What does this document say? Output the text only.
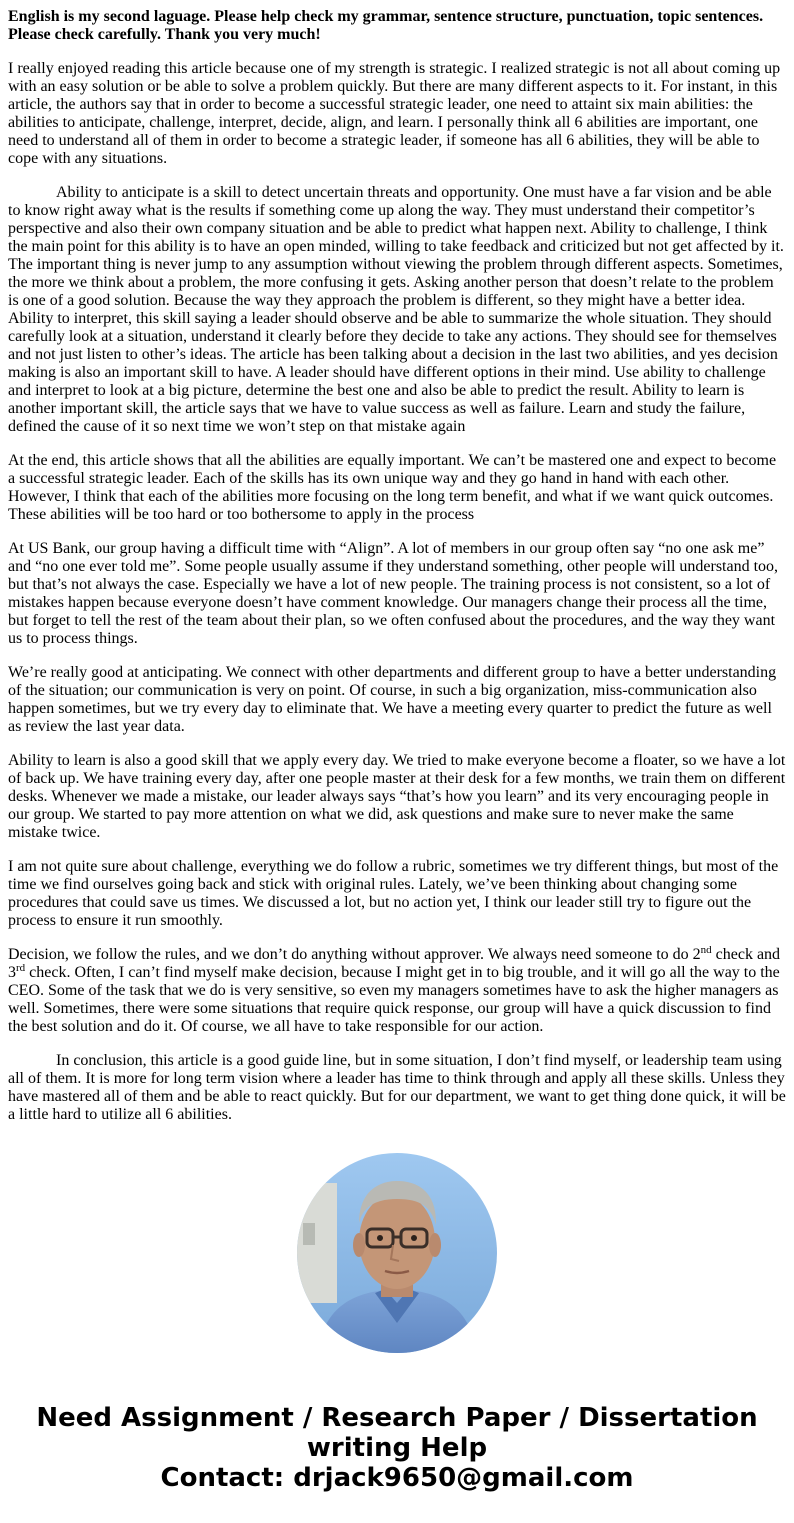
English is my second laguage. Please help check my grammar, sentence structure, punctuation, topic sentences. Please check carefully. Thank you very much!

I really enjoyed reading this article because one of my strength is strategic. I realized strategic is not all about coming up with an easy solution or be able to solve a problem quickly. But there are many different aspects to it. For instant, in this article, the authors say that in order to become a successful strategic leader, one need to attaint six main abilities: the abilities to anticipate, challenge, interpret, decide, align, and learn. I personally think all 6 abilities are important, one need to understand all of them in order to become a strategic leader, if someone has all 6 abilities, they will be able to cope with any situations.

Ability to anticipate is a skill to detect uncertain threats and opportunity. One must have a far vision and be able to know right away what is the results if something come up along the way. They must understand their competitor’s perspective and also their own company situation and be able to predict what happen next. Ability to challenge, I think the main point for this ability is to have an open minded, willing to take feedback and criticized but not get affected by it. The important thing is never jump to any assumption without viewing the problem through different aspects. Sometimes, the more we think about a problem, the more confusing it gets. Asking another person that doesn’t relate to the problem is one of a good solution. Because the way they approach the problem is different, so they might have a better idea. Ability to interpret, this skill saying a leader should observe and be able to summarize the whole situation. They should carefully look at a situation, understand it clearly before they decide to take any actions. They should see for themselves and not just listen to other’s ideas. The article has been talking about a decision in the last two abilities, and yes decision making is also an important skill to have. A leader should have different options in their mind. Use ability to challenge and interpret to look at a big picture, determine the best one and also be able to predict the result. Ability to learn is another important skill, the article says that we have to value success as well as failure. Learn and study the failure, defined the cause of it so next time we won’t step on that mistake again

At the end, this article shows that all the abilities are equally important. We can’t be mastered one and expect to become a successful strategic leader. Each of the skills has its own unique way and they go hand in hand with each other. However, I think that each of the abilities more focusing on the long term benefit, and what if we want quick outcomes. These abilities will be too hard or too bothersome to apply in the process

At US Bank, our group having a difficult time with “Align”. A lot of members in our group often say “no one ask me” and “no one ever told me”. Some people usually assume if they understand something, other people will understand too, but that’s not always the case. Especially we have a lot of new people. The training process is not consistent, so a lot of mistakes happen because everyone doesn’t have comment knowledge. Our managers change their process all the time, but forget to tell the rest of the team about their plan, so we often confused about the procedures, and the way they want us to process things.

We’re really good at anticipating. We connect with other departments and different group to have a better understanding of the situation; our communication is very on point. Of course, in such a big organization, miss-communication also happen sometimes, but we try every day to eliminate that. We have a meeting every quarter to predict the future as well as review the last year data.

Ability to learn is also a good skill that we apply every day. We tried to make everyone become a floater, so we have a lot of back up. We have training every day, after one people master at their desk for a few months, we train them on different desks. Whenever we made a mistake, our leader always says “that’s how you learn” and its very encouraging people in our group. We started to pay more attention on what we did, ask questions and make sure to never make the same mistake twice.

I am not quite sure about challenge, everything we do follow a rubric, sometimes we try different things, but most of the time we find ourselves going back and stick with original rules. Lately, we’ve been thinking about changing some procedures that could save us times. We discussed a lot, but no action yet, I think our leader still try to figure out the process to ensure it run smoothly.

Decision, we follow the rules, and we don’t do anything without approver. We always need someone to do 2nd check and 3rd check. Often, I can’t find myself make decision, because I might get in to big trouble, and it will go all the way to the CEO. Some of the task that we do is very sensitive, so even my managers sometimes have to ask the higher managers as well. Sometimes, there were some situations that require quick response, our group will have a quick discussion to find the best solution and do it. Of course, we all have to take responsible for our action.

In conclusion, this article is a good guide line, but in some situation, I don’t find myself, or leadership team using all of them. It is more for long term vision where a leader has time to think through and apply all these skills. Unless they have mastered all of them and be able to react quickly. But for our department, we want to get thing done quick, it will be a little hard to utilize all 6 abilities.

Need Assignment / Research Paper / Dissertation
writing Help
Contact: drjack9650@gmail.com
